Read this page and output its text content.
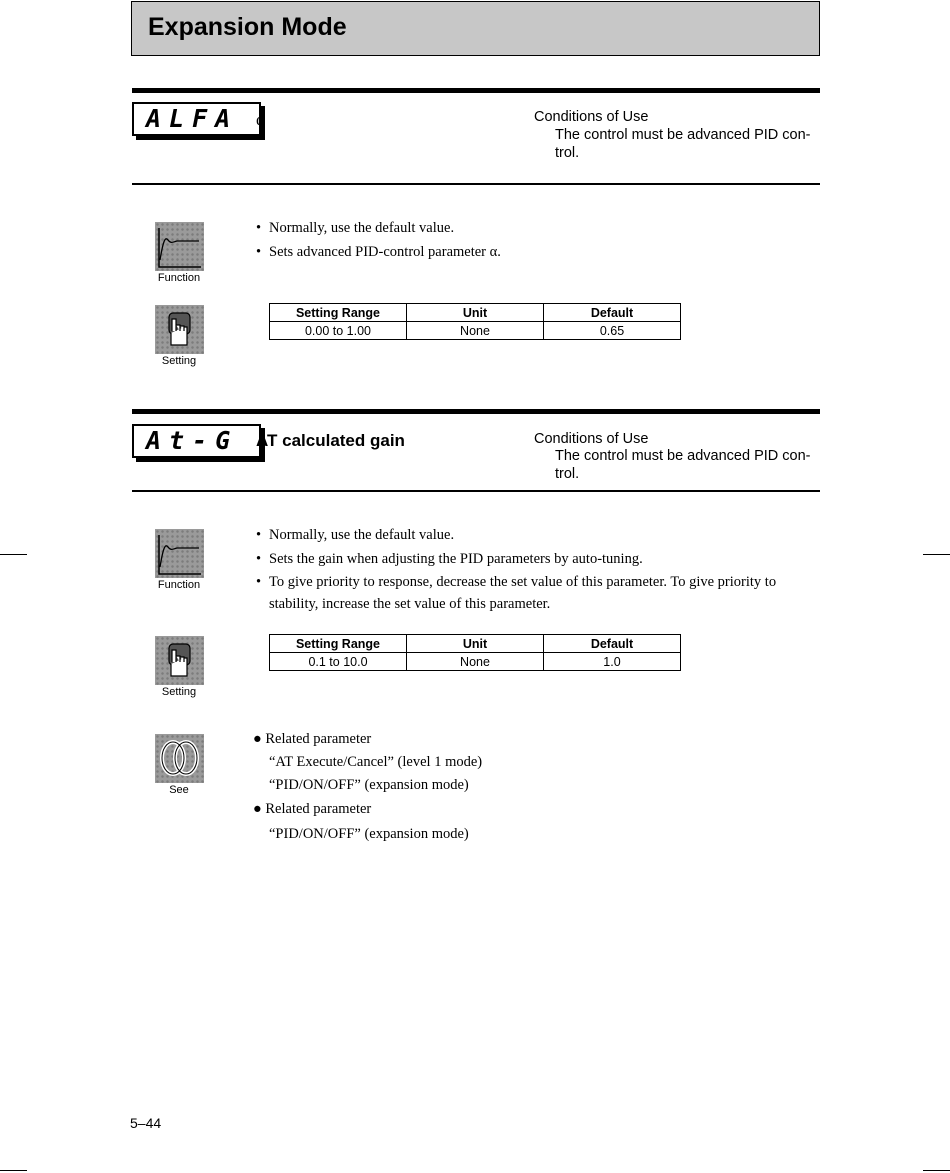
Expansion Mode
ALFA	α	Conditions of Use
The control must be advanced PID con-trol.
Function
• Normally, use the default value.
• Sets advanced PID-control parameter α.
Setting
Setting Range	Unit	Default
0.00 to 1.00	None	0.65
At-G	AT calculated gain	Conditions of Use
The control must be advanced PID con-trol.
Function
• Normally, use the default value.
• Sets the gain when adjusting the PID parameters by auto-tuning.
• To give priority to response, decrease the set value of this parameter. To give priority to stability, increase the set value of this parameter.
Setting
Setting Range	Unit	Default
0.1 to 10.0	None	1.0
See
● Related parameter
“AT Execute/Cancel” (level 1 mode)
“PID/ON/OFF” (expansion mode)
● Related parameter
“PID/ON/OFF” (expansion mode)
5–44
